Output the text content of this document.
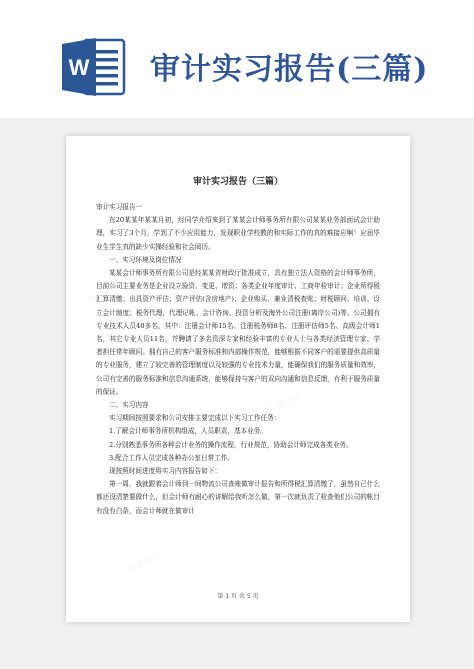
W 审计实习报告(三篇)
熊猫办公
熊猫办公
熊猫办公
审计实习报告（三篇）
审计实习报告一
在20某某年某某月初，经同学介绍来到了某某会计师事务所有限公司某某业务部面试会计助理，实习了3个月，学到了不少应用能力，发现职业学校教的和实际工作的真的难接应啊！应届毕业生学生真的缺少实操经验和社会阅历。
一、实习环境及岗位情况
某某会计师事务所有限公司是经某某省财政厅批准成立，具有独立法人资格的会计师事务所，目前公司主要业务是企业设立验资、变更、增资；各类企业年度审计、工商年检审计；企业所得税汇算清缴；出具资产评估；资产评估(含房地产)；企业购买、兼业清税查账；财税顾问、培训、设立会计制度；税务代理，代理记帐、会计咨询、投资分析及海外公司注册(离岸公司)等。公司拥有专业技术人员40多名，其中：注册会计师15名、注册税务师8名、注册评估师5名、高级会计师1名，其它专业人员11名，并聘请了多名资深专家和经验丰富的专业人士与各类经济管理专家、学者担任常年顾问。拥有自己的客户服务标准和内部操作规范，能够根据不同客户的需要提供高质量的专业服务，建立了较完善的管理制度以及较强的专业技术力量，能确保我们的服务质量和效率，公司有完善的服务标准和信息沟通系统，能够保持与客户的双向沟通和信息反馈，有利于服务质量的保证。
二、实习内容
实习期间按照要求和公司安排主要完成以下实习工作任务：
1.了解会计师事务所机构组成，人员职责，基本业务。
2.分别熟悉事务所各种会计业务的操作流程，行业规范，协助会计师完成各类业务。
3.配合工作人员完成各种办公室日常工作。
现按照时间进度将实习内容报告如下：
第一周，我就跟着会计师到一间物流公司查账做审计报告和所得税汇算清缴了，虽然自己什么都还没清楚要做什么，但会计师有耐心的讲解给我听怎么做，第一次就负责了检查他们公司的帐目有没有白条，而会计师就在做审计
第 1 页 共 5 页
